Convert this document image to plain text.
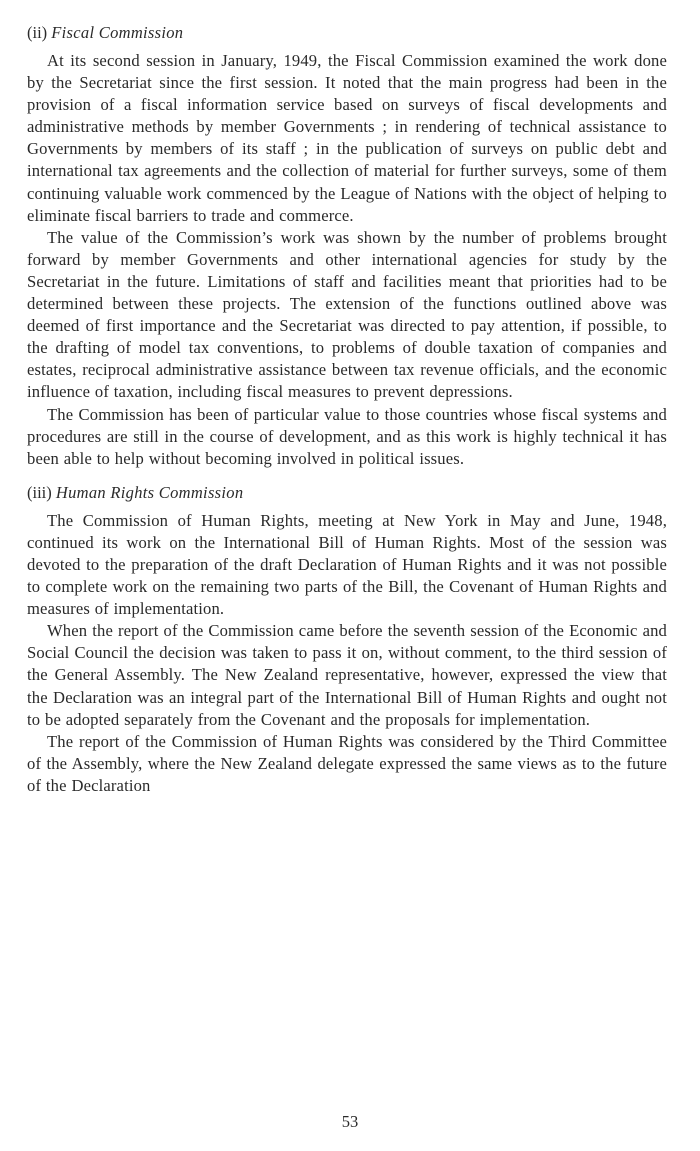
(ii) Fiscal Commission

At its second session in January, 1949, the Fiscal Commission examined the work done by the Secretariat since the first session. It noted that the main progress had been in the provision of a fiscal information service based on surveys of fiscal developments and administrative methods by member Governments ; in rendering of technical assistance to Governments by members of its staff ; in the publication of surveys on public debt and international tax agreements and the collection of material for further surveys, some of them continuing valuable work commenced by the League of Nations with the object of helping to eliminate fiscal barriers to trade and commerce.

The value of the Commission’s work was shown by the number of problems brought forward by member Governments and other international agencies for study by the Secretariat in the future. Limitations of staff and facilities meant that priorities had to be determined between these projects. The extension of the functions outlined above was deemed of first importance and the Secretariat was directed to pay attention, if possible, to the drafting of model tax conventions, to problems of double taxation of companies and estates, reciprocal administrative assistance between tax revenue officials, and the economic influence of taxation, including fiscal measures to prevent depressions.

The Commission has been of particular value to those countries whose fiscal systems and procedures are still in the course of development, and as this work is highly technical it has been able to help without becoming involved in political issues.

(iii) Human Rights Commission

The Commission of Human Rights, meeting at New York in May and June, 1948, continued its work on the International Bill of Human Rights. Most of the session was devoted to the preparation of the draft Declaration of Human Rights and it was not possible to complete work on the remaining two parts of the Bill, the Covenant of Human Rights and measures of implementation.

When the report of the Commission came before the seventh session of the Economic and Social Council the decision was taken to pass it on, without comment, to the third session of the General Assembly. The New Zealand representative, however, expressed the view that the Declaration was an integral part of the International Bill of Human Rights and ought not to be adopted separately from the Covenant and the proposals for implementation.

The report of the Commission of Human Rights was considered by the Third Committee of the Assembly, where the New Zealand delegate expressed the same views as to the future of the Declaration

53
